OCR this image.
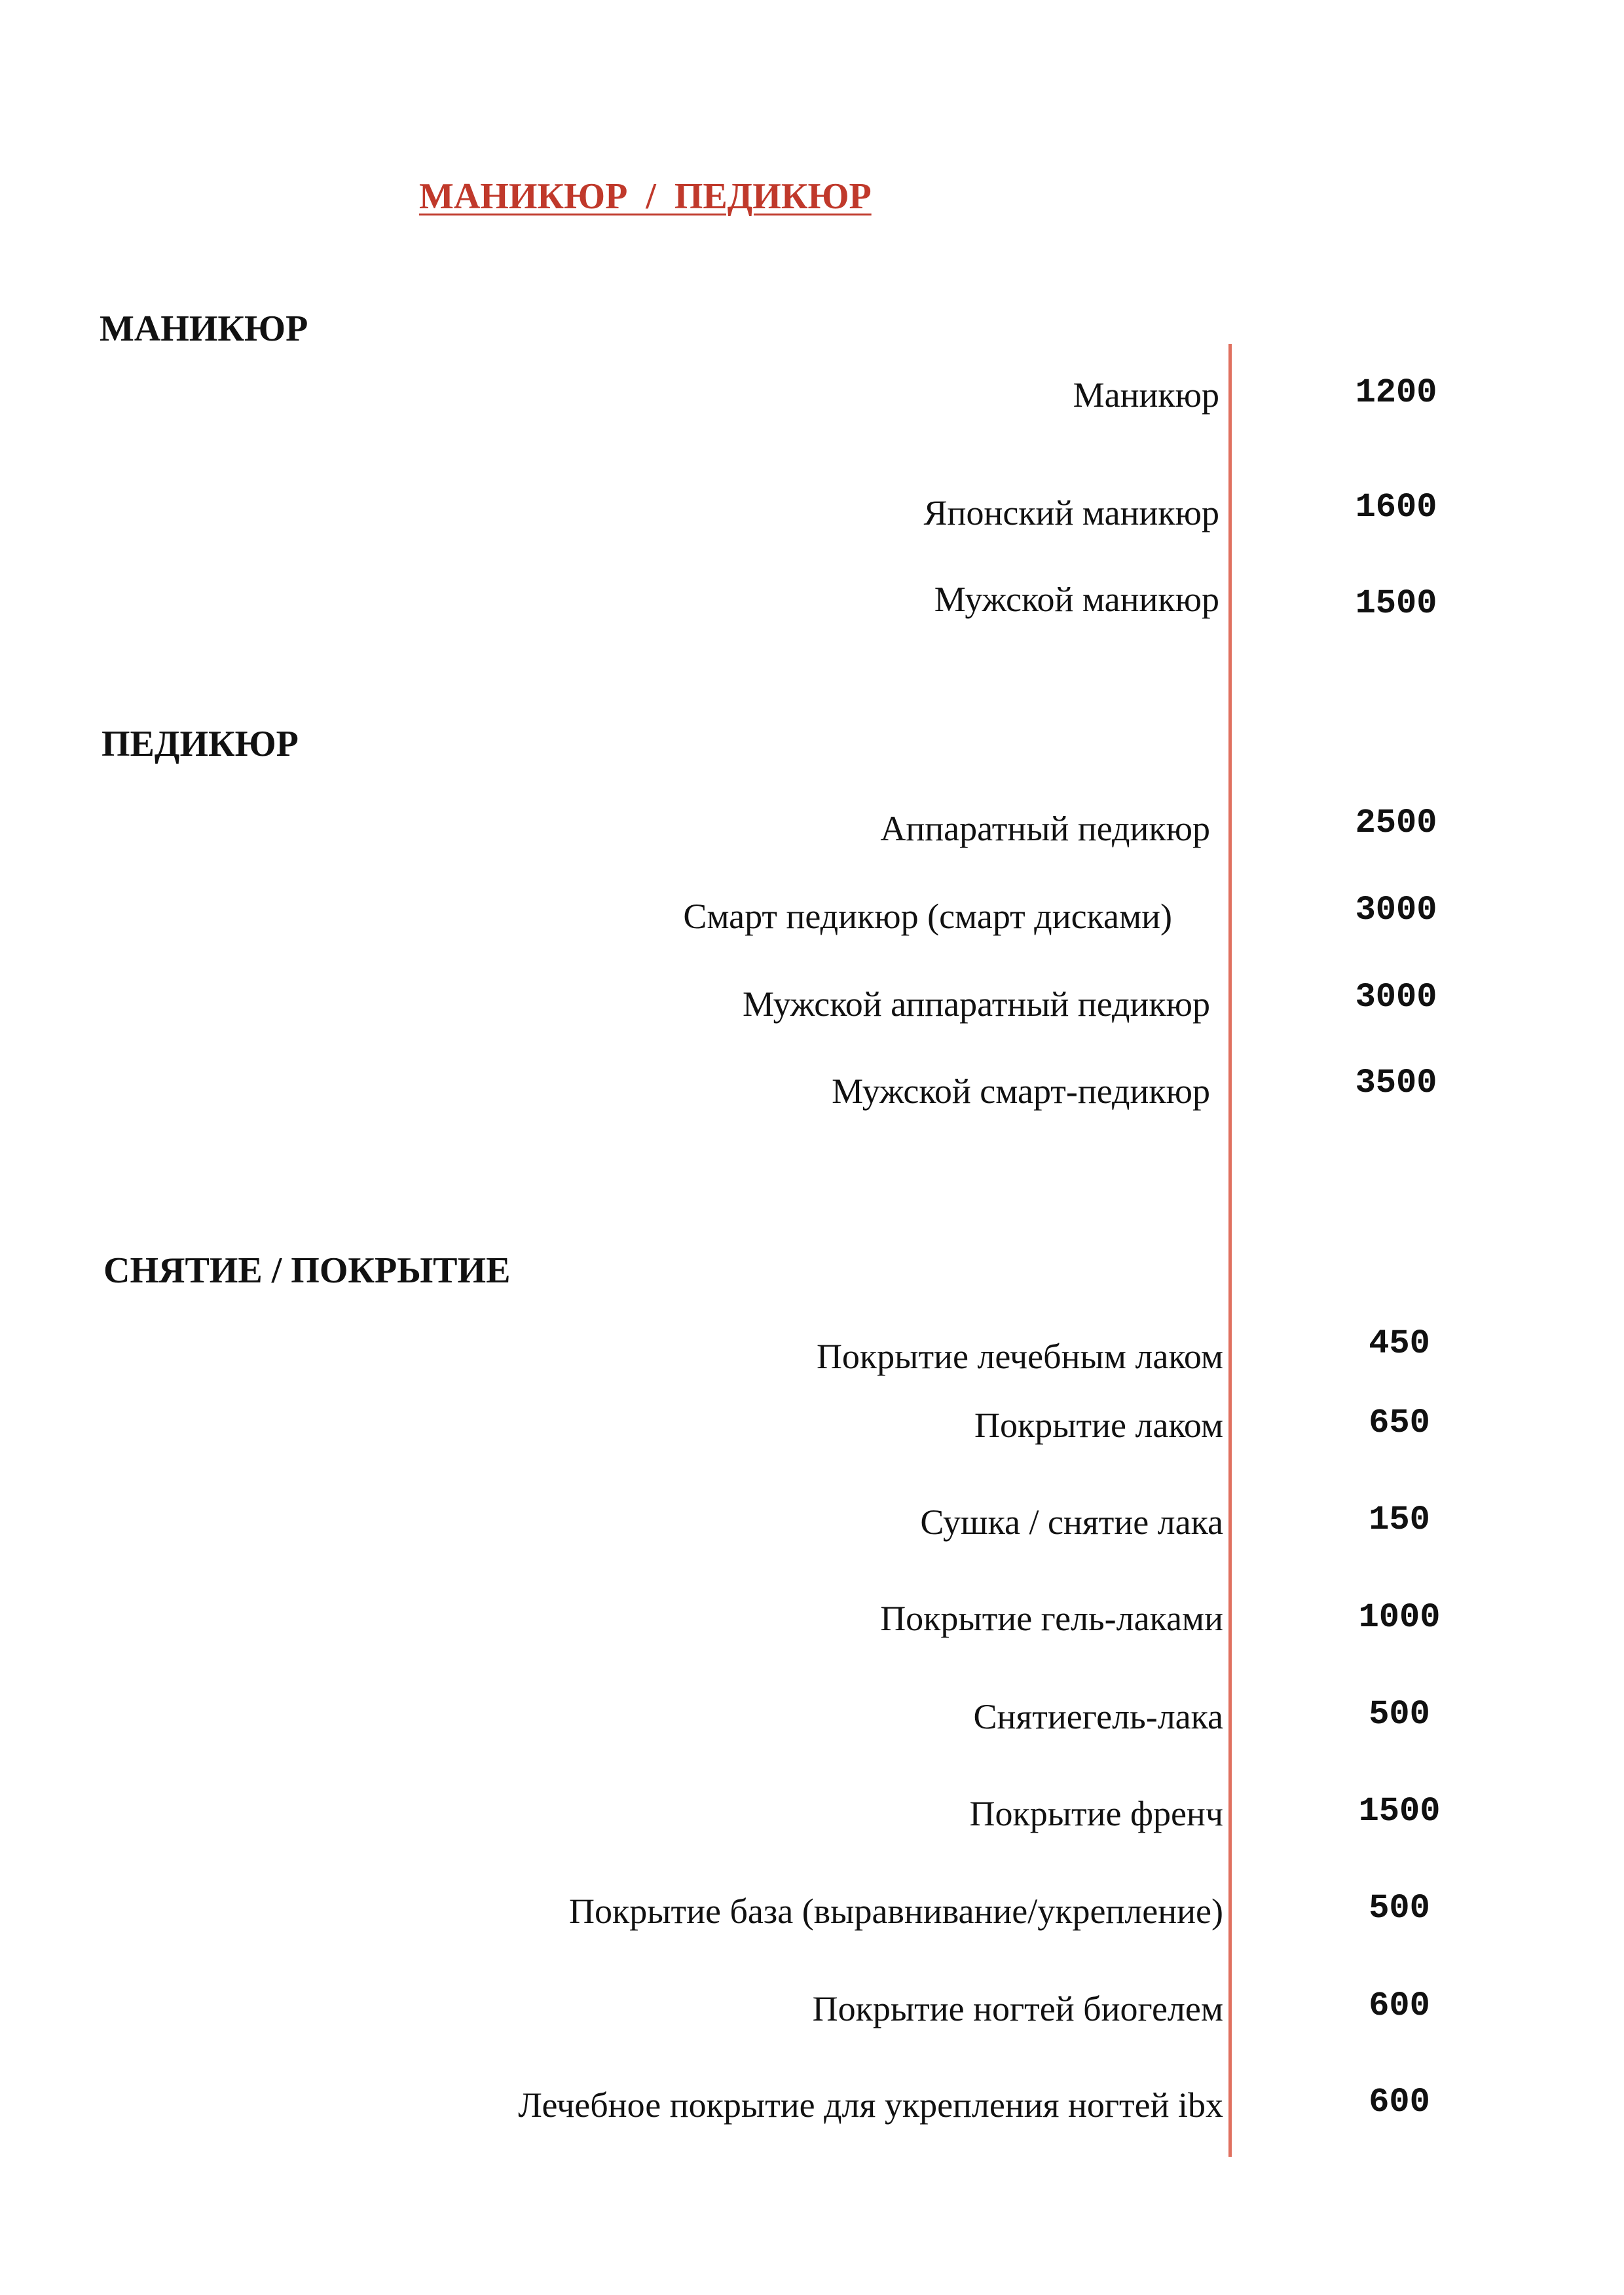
МАНИКЮР  /  ПЕДИКЮР
МАНИКЮР

Маникюр	1200

Японский маникюр	1600

Мужской маникюр	1500

ПЕДИКЮР

Аппаратный педикюр	2500

Смарт педикюр (смарт дисками)	3000

Мужской аппаратный педикюр	3000

Мужской смарт-педикюр	3500

СНЯТИЕ / ПОКРЫТИЕ

Покрытие лечебным лаком	450

Покрытие лаком	650

Сушка / снятие лака	150

Покрытие гель-лаками	1000

Снятиегель-лака	500

Покрытие френч	1500

Покрытие база (выравнивание/укрепление)	500

Покрытие ногтей биогелем	600

Лечебное покрытие для укрепления ногтей ibx	600
